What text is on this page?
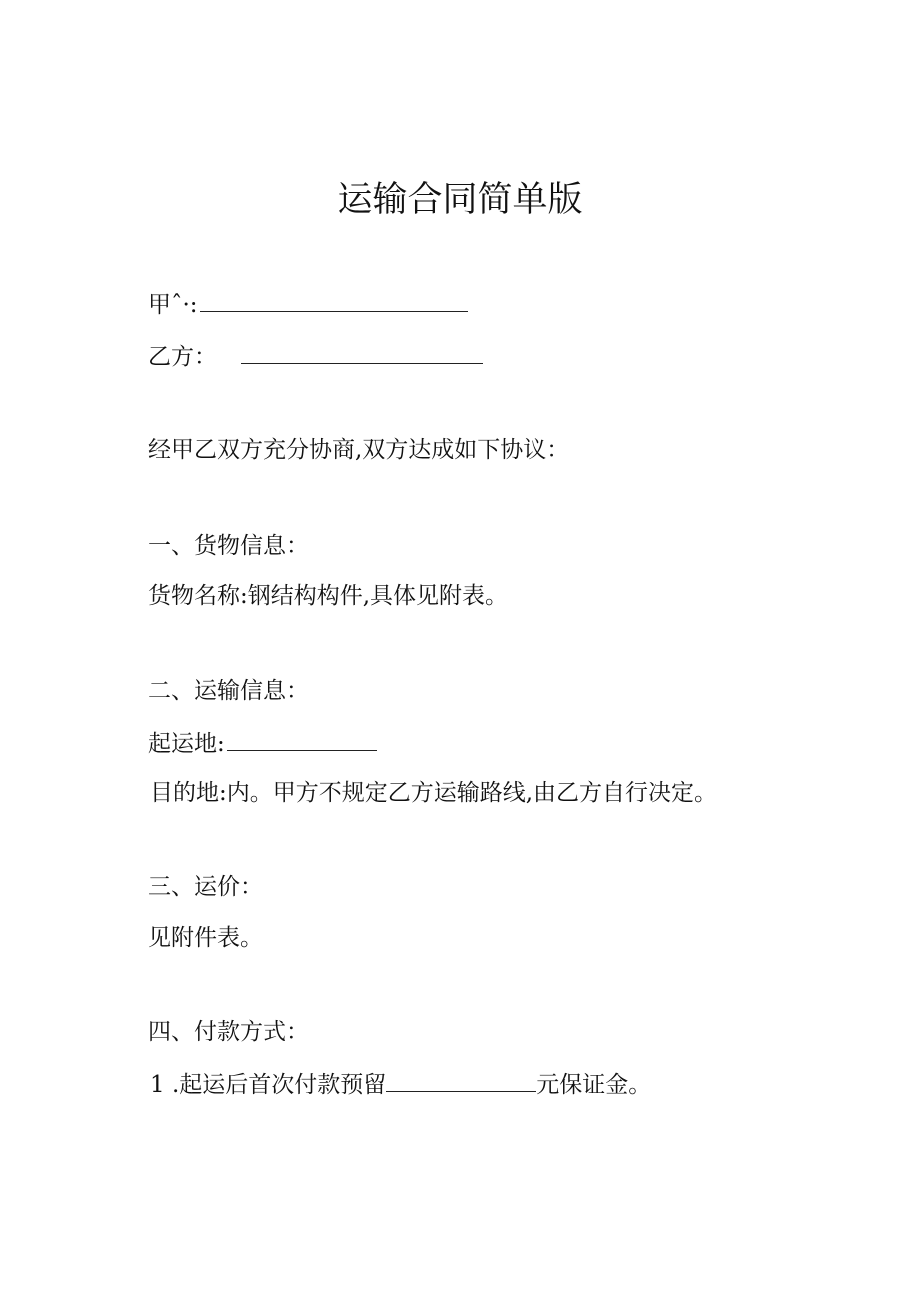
运输合同简单版
甲ˆ·:
乙方：
经甲乙双方充分协商,双方达成如下协议：
一、货物信息：
货物名称:钢结构构件,具体见附表。
二、运输信息：
起运地:
目的地:内。甲方不规定乙方运输路线,由乙方自行决定。
三、运价：
见附件表。
四、付款方式：
1 .起运后首次付款预留	元保证金。
